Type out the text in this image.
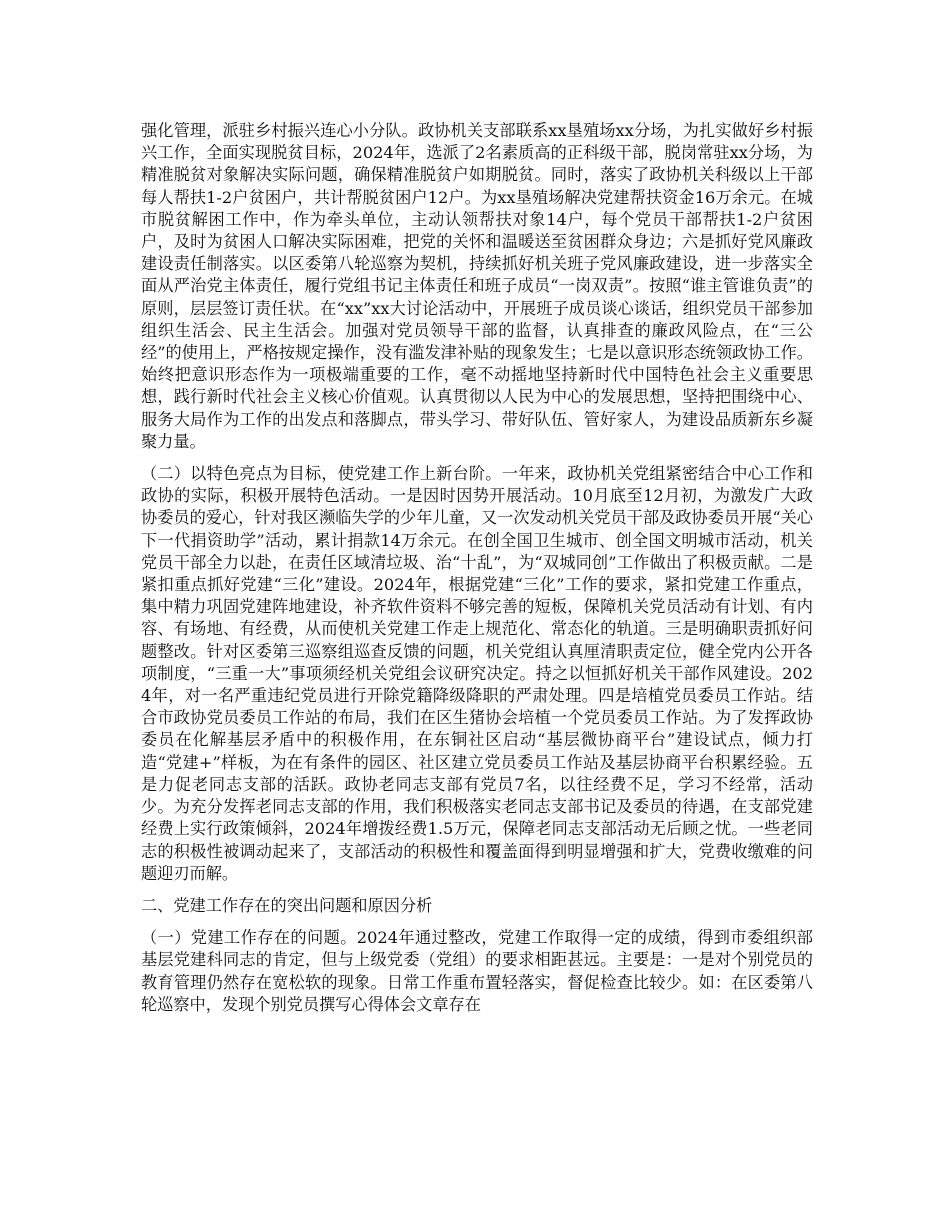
强化管理，派驻乡村振兴连心小分队。政协机关支部联系xx垦殖场xx分场，为扎实做好乡村振兴工作，全面实现脱贫目标，2024年，选派了2名素质高的正科级干部，脱岗常驻xx分场，为精准脱贫对象解决实际问题，确保精准脱贫户如期脱贫。同时，落实了政协机关科级以上干部每人帮扶1-2户贫困户，共计帮脱贫困户12户。为xx垦殖场解决党建帮扶资金16万余元。在城市脱贫解困工作中，作为牵头单位，主动认领帮扶对象14户，每个党员干部帮扶1-2户贫困户，及时为贫困人口解决实际困难，把党的关怀和温暖送至贫困群众身边；六是抓好党风廉政建设责任制落实。以区委第八轮巡察为契机，持续抓好机关班子党风廉政建设，进一步落实全面从严治党主体责任，履行党组书记主体责任和班子成员“一岗双责”。按照“谁主管谁负责”的原则，层层签订责任状。在“xx”xx大讨论活动中，开展班子成员谈心谈话，组织党员干部参加组织生活会、民主生活会。加强对党员领导干部的监督，认真排查的廉政风险点，在“三公经”的使用上，严格按规定操作，没有滥发津补贴的现象发生；七是以意识形态统领政协工作。始终把意识形态作为一项极端重要的工作，毫不动摇地坚持新时代中国特色社会主义重要思想，践行新时代社会主义核心价值观。认真贯彻以人民为中心的发展思想，坚持把围绕中心、服务大局作为工作的出发点和落脚点，带头学习、带好队伍、管好家人，为建设品质新东乡凝聚力量。

（二）以特色亮点为目标，使党建工作上新台阶。一年来，政协机关党组紧密结合中心工作和政协的实际，积极开展特色活动。一是因时因势开展活动。10月底至12月初，为激发广大政协委员的爱心，针对我区濒临失学的少年儿童，又一次发动机关党员干部及政协委员开展“关心下一代捐资助学”活动，累计捐款14万余元。在创全国卫生城市、创全国文明城市活动，机关党员干部全力以赴，在责任区域清垃圾、治“十乱”，为“双城同创”工作做出了积极贡献。二是紧扣重点抓好党建“三化”建设。2024年，根据党建“三化”工作的要求，紧扣党建工作重点，集中精力巩固党建阵地建设，补齐软件资料不够完善的短板，保障机关党员活动有计划、有内容、有场地、有经费，从而使机关党建工作走上规范化、常态化的轨道。三是明确职责抓好问题整改。针对区委第三巡察组巡查反馈的问题，机关党组认真厘清职责定位，健全党内公开各项制度，“三重一大”事项须经机关党组会议研究决定。持之以恒抓好机关干部作风建设。2024年，对一名严重违纪党员进行开除党籍降级降职的严肃处理。四是培植党员委员工作站。结合市政协党员委员工作站的布局，我们在区生猪协会培植一个党员委员工作站。为了发挥政协委员在化解基层矛盾中的积极作用，在东铜社区启动“基层微协商平台”建设试点，倾力打造“党建+”样板，为在有条件的园区、社区建立党员委员工作站及基层协商平台积累经验。五是力促老同志支部的活跃。政协老同志支部有党员7名，以往经费不足，学习不经常，活动少。为充分发挥老同志支部的作用，我们积极落实老同志支部书记及委员的待遇，在支部党建经费上实行政策倾斜，2024年增拨经费1.5万元，保障老同志支部活动无后顾之忧。一些老同志的积极性被调动起来了，支部活动的积极性和覆盖面得到明显增强和扩大，党费收缴难的问题迎刃而解。

二、党建工作存在的突出问题和原因分析

（一）党建工作存在的问题。2024年通过整改，党建工作取得一定的成绩，得到市委组织部基层党建科同志的肯定，但与上级党委（党组）的要求相距甚远。主要是：一是对个别党员的教育管理仍然存在宽松软的现象。日常工作重布置轻落实，督促检查比较少。如：在区委第八轮巡察中，发现个别党员撰写心得体会文章存在
